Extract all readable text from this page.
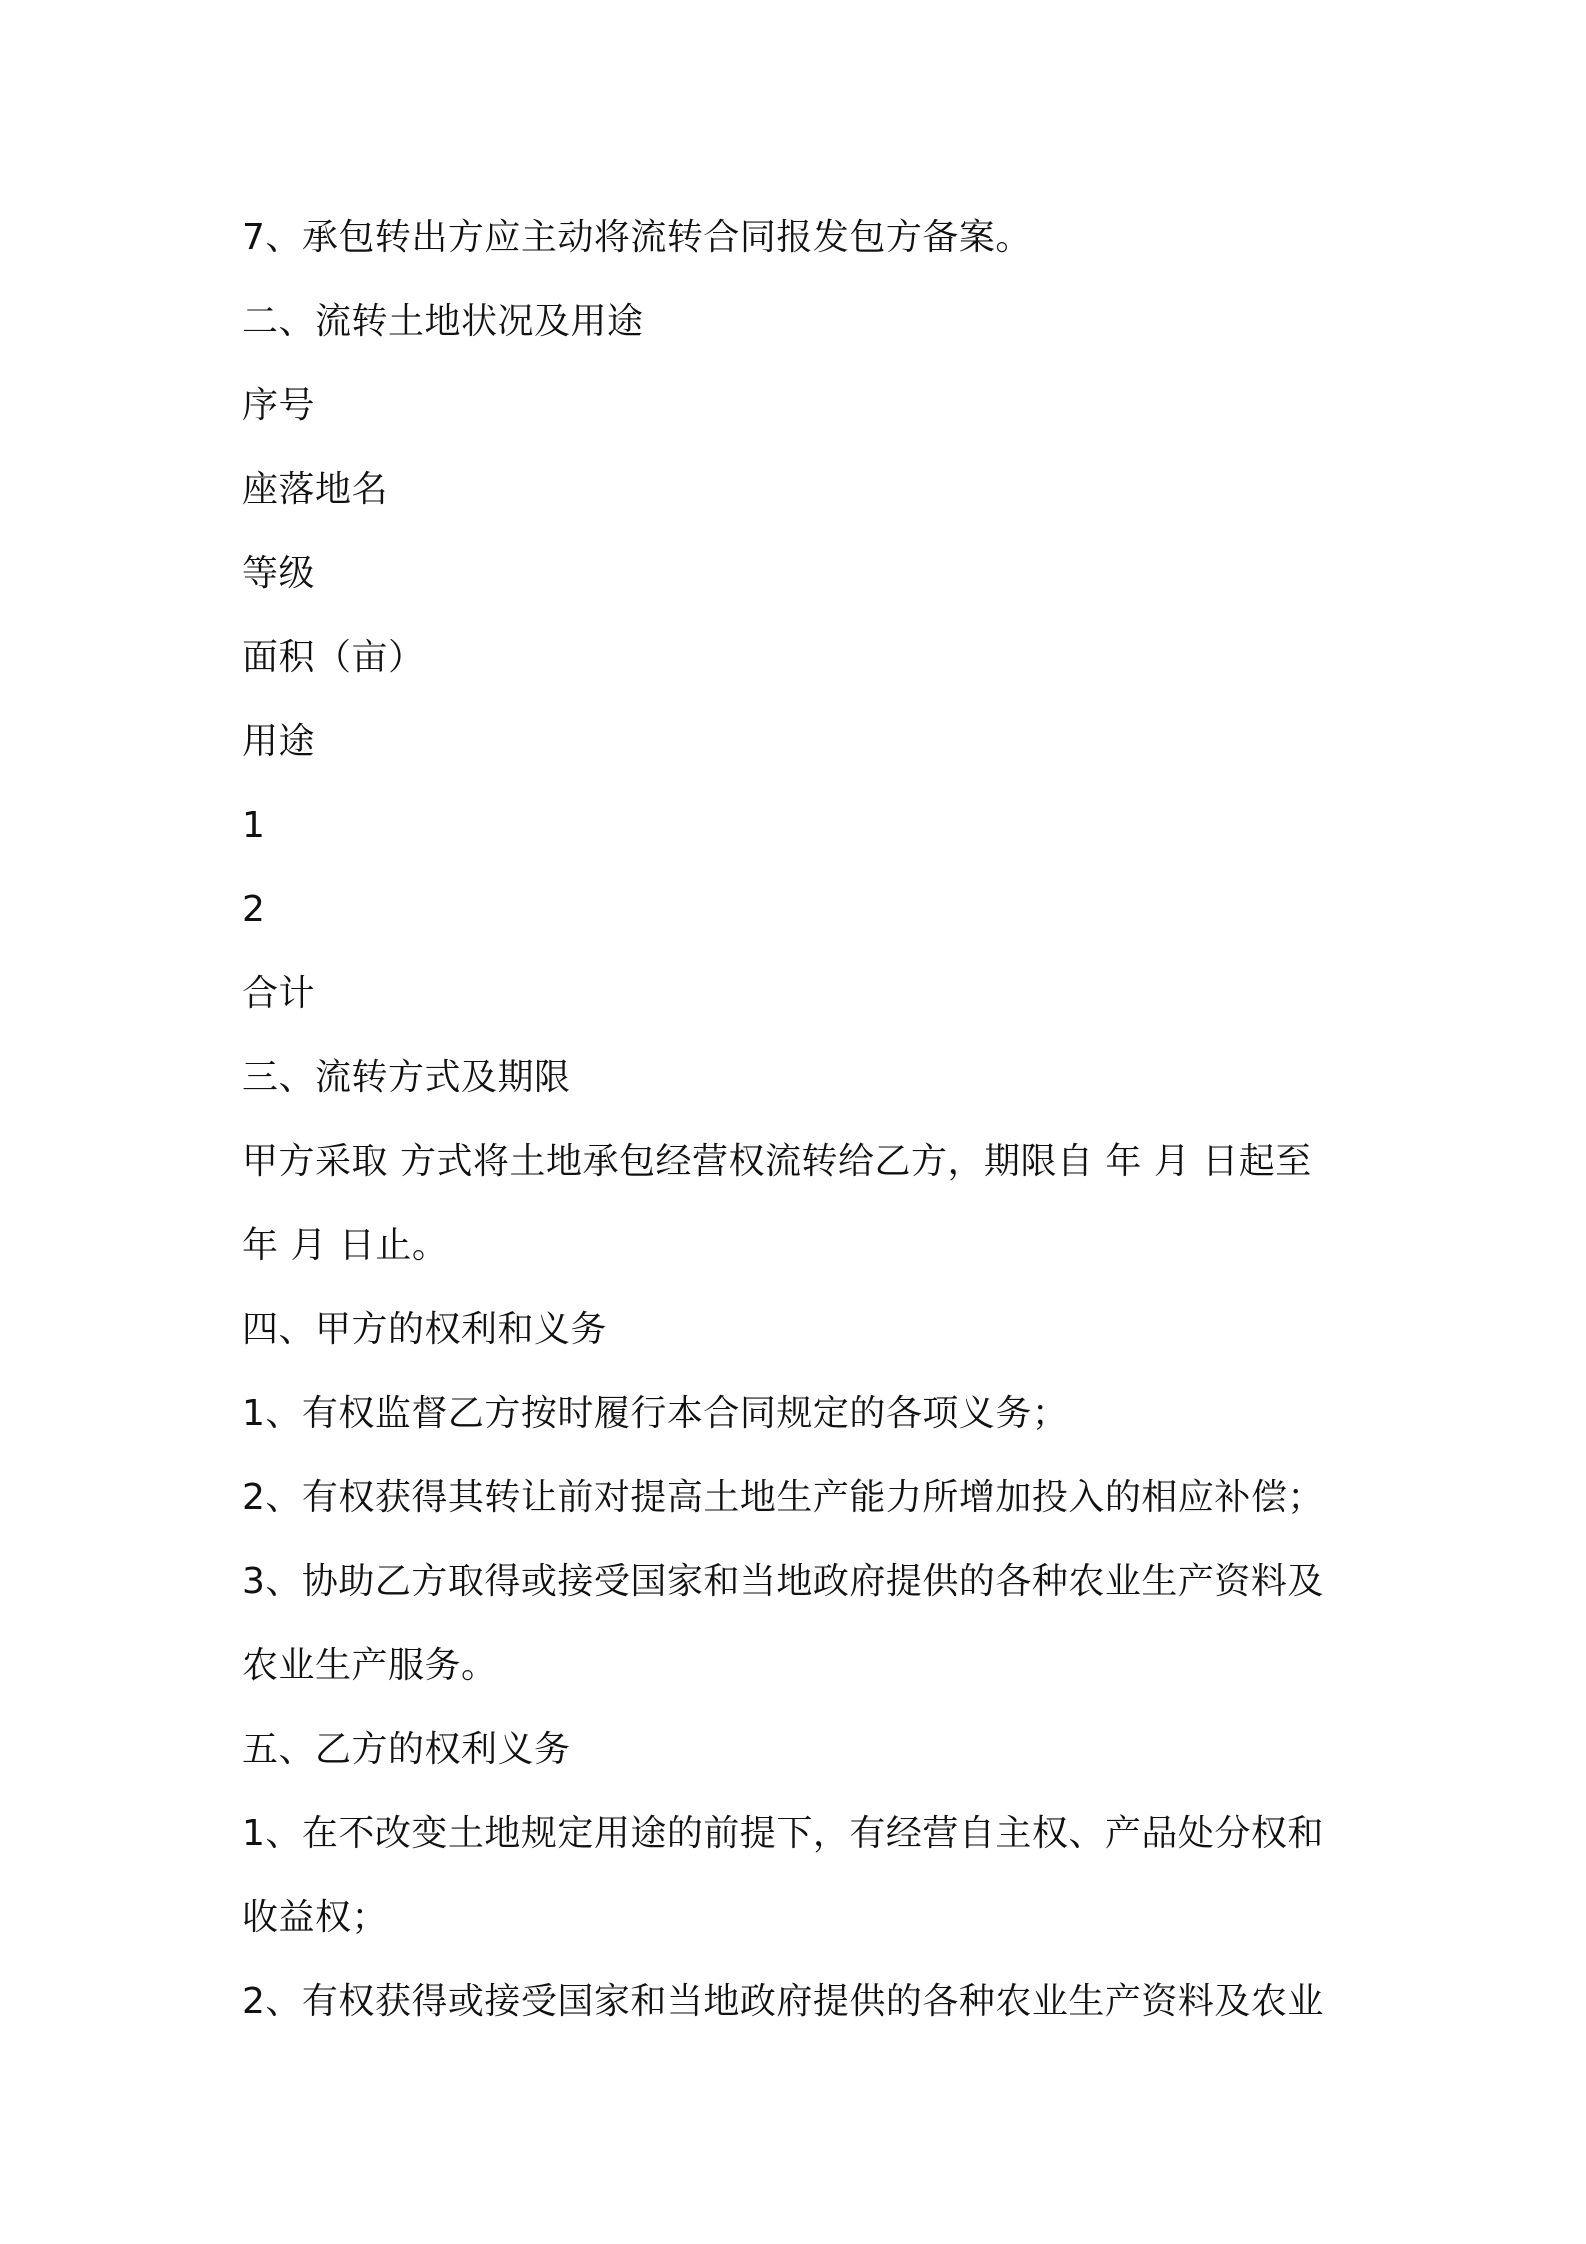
7、承包转出方应主动将流转合同报发包方备案。
二、流转土地状况及用途
序号
座落地名
等级
面积（亩）
用途
1
2
合计
三、流转方式及期限
甲方采取 方式将土地承包经营权流转给乙方，期限自 年 月 日起至
年 月 日止。
四、甲方的权利和义务
1、有权监督乙方按时履行本合同规定的各项义务；
2、有权获得其转让前对提高土地生产能力所增加投入的相应补偿；
3、协助乙方取得或接受国家和当地政府提供的各种农业生产资料及
农业生产服务。
五、乙方的权利义务
1、在不改变土地规定用途的前提下，有经营自主权、产品处分权和
收益权；
2、有权获得或接受国家和当地政府提供的各种农业生产资料及农业
